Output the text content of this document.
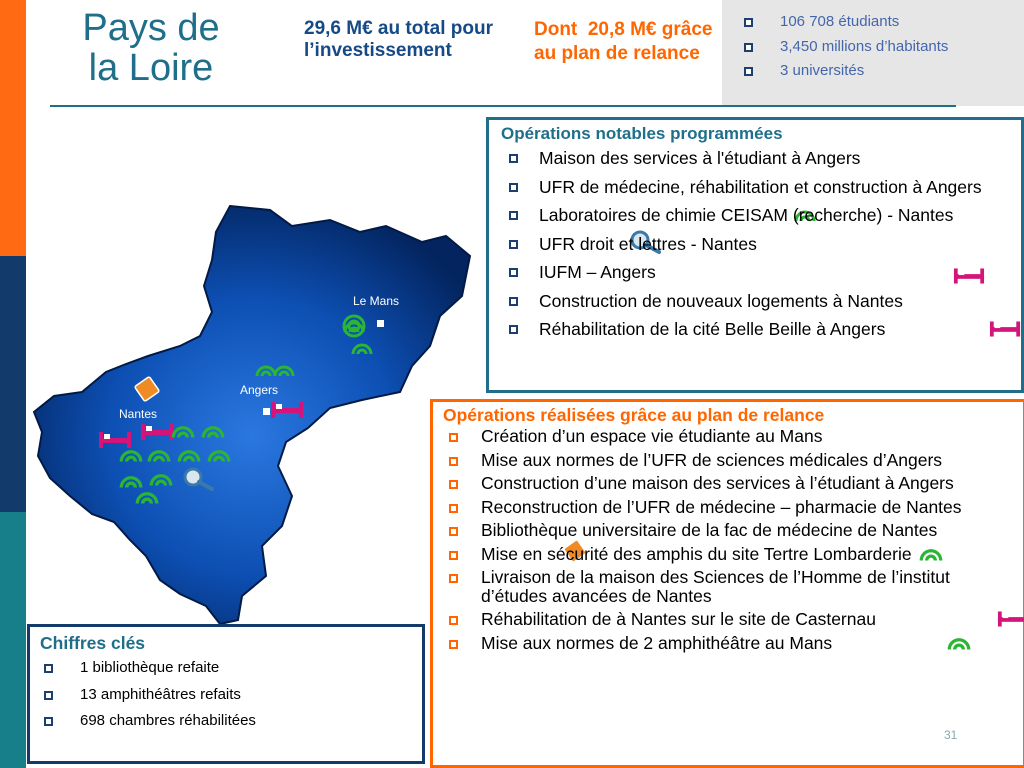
Pays de
la Loire
29,6 M€ au total pour l’investissement
Dont 20,8 M€ grâce au plan de relance
106 708 étudiants
3,450 millions d’habitants
3 universités
Le Mans
Angers
Nantes
Opérations notables programmées
Maison des services à l'étudiant à Angers
UFR de médecine, réhabilitation et construction à Angers
Laboratoires de chimie CEISAM (recherche) - Nantes
UFR droit et lettres - Nantes
IUFM – Angers
Construction de nouveaux logements à Nantes
Réhabilitation de la cité Belle Beille à Angers
Opérations réalisées grâce au plan de relance
Création d’un espace vie étudiante au Mans
Mise aux normes de l’UFR de sciences médicales d’Angers
Construction d’une maison des services à l’étudiant à Angers
Reconstruction de l’UFR de médecine – pharmacie de Nantes
Bibliothèque universitaire de la fac de médecine de Nantes
Mise en sécurité des amphis du site Tertre Lombarderie
Livraison de la maison des Sciences de l’Homme de l’institut d’études avancées de Nantes
Réhabilitation de à Nantes sur le site de Casternau
Mise aux normes de 2 amphithéâtre au Mans
Chiffres clés
1 bibliothèque refaite
13 amphithéâtres refaits
698 chambres réhabilitées
31
